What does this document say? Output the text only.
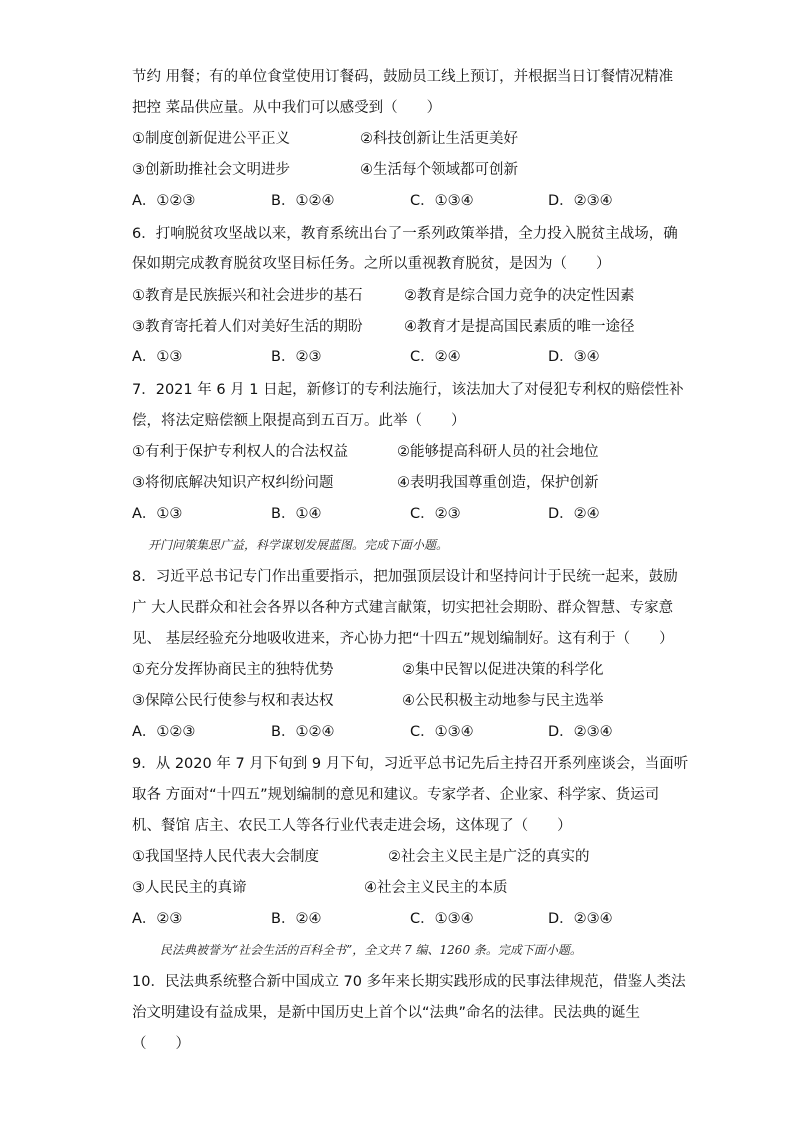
节约 用餐；有的单位食堂使用订餐码，鼓励员工线上预订，并根据当日订餐情况精准
把控 菜品供应量。从中我们可以感受到（　　）
①制度创新促进公平正义	②科技创新让生活更美好
③创新助推社会文明进步	④生活每个领域都可创新
A．①②③	B．①②④	C．①③④	D．②③④
6．打响脱贫攻坚战以来，教育系统出台了一系列政策举措，全力投入脱贫主战场，确
保如期完成教育脱贫攻坚目标任务。之所以重视教育脱贫，是因为（　　）
①教育是民族振兴和社会进步的基石	②教育是综合国力竞争的决定性因素
③教育寄托着人们对美好生活的期盼	④教育才是提高国民素质的唯一途径
A．①③	B．②③	C．②④	D．③④
7．2021 年 6 月 1 日起，新修订的专利法施行，该法加大了对侵犯专利权的赔偿性补
偿，将法定赔偿额上限提高到五百万。此举（　　）
①有利于保护专利权人的合法权益	②能够提高科研人员的社会地位
③将彻底解决知识产权纠纷问题	④表明我国尊重创造，保护创新
A．①③	B．①④	C．②③	D．②④
开门问策集思广益，科学谋划发展蓝图。完成下面小题。
8．习近平总书记专门作出重要指示，把加强顶层设计和坚持问计于民统一起来，鼓励
广 大人民群众和社会各界以各种方式建言献策，切实把社会期盼、群众智慧、专家意
见、 基层经验充分地吸收进来，齐心协力把“十四五”规划编制好。这有利于（　　）
①充分发挥协商民主的独特优势	②集中民智以促进决策的科学化
③保障公民行使参与权和表达权	④公民积极主动地参与民主选举
A．①②③	B．①②④	C．①③④	D．②③④
9．从 2020 年 7 月下旬到 9 月下旬，习近平总书记先后主持召开系列座谈会，当面听
取各 方面对“十四五”规划编制的意见和建议。专家学者、企业家、科学家、货运司
机、餐馆 店主、农民工人等各行业代表走进会场，这体现了（　　）
①我国坚持人民代表大会制度	②社会主义民主是广泛的真实的
③人民民主的真谛	④社会主义民主的本质
A．②③	B．②④	C．①③④	D．②③④
民法典被誉为“社会生活的百科全书”，全文共 7 编、1260 条。完成下面小题。
10．民法典系统整合新中国成立 70 多年来长期实践形成的民事法律规范，借鉴人类法
治文明建设有益成果，是新中国历史上首个以“法典”命名的法律。民法典的诞生
（　　）
